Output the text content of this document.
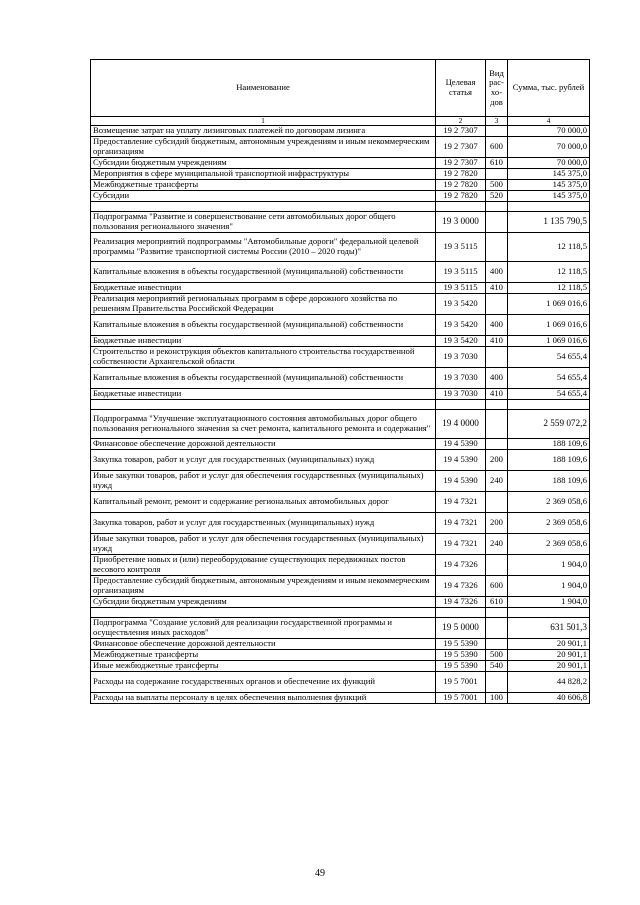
Наименование	Целевая статья	Вид рас-хо-дов	Сумма, тыс. рублей
1	2	3	4
Возмещение затрат на уплату лизинговых платежей по договорам лизинга	19 2 7307		70 000,0
Предоставление субсидий бюджетным, автономным учреждениям и иным некоммерческим организациям	19 2 7307	600	70 000,0
Субсидии бюджетным учреждениям	19 2 7307	610	70 000,0
Мероприятия в сфере муниципальной транспортной инфраструктуры	19 2 7820		145 375,0
Межбюджетные трансферты	19 2 7820	500	145 375,0
Субсидии	19 2 7820	520	145 375,0

Подпрограмма "Развитие и совершенствование сети автомобильных дорог общего пользования регионального значения"	19 3 0000		1 135 790,5
Реализация мероприятий подпрограммы "Автомобильные дороги" федеральной целевой программы "Развитие транспортной системы России (2010 – 2020 годы)"	19 3 5115		12 118,5
Капитальные вложения в объекты государственной (муниципальной) собственности	19 3 5115	400	12 118,5
Бюджетные инвестиции	19 3 5115	410	12 118,5
Реализация мероприятий региональных программ в сфере дорожного хозяйства по решениям Правительства Российской Федерации	19 3 5420		1 069 016,6
Капитальные вложения в объекты государственной (муниципальной) собственности	19 3 5420	400	1 069 016,6
Бюджетные инвестиции	19 3 5420	410	1 069 016,6
Строительство и реконструкция объектов капитального строительства государственной собственности Архангельской области	19 3 7030		54 655,4
Капитальные вложения в объекты государственной (муниципальной) собственности	19 3 7030	400	54 655,4
Бюджетные инвестиции	19 3 7030	410	54 655,4

Подпрограмма "Улучшение эксплуатационного состояния автомобильных дорог общего пользования регионального значения за счет ремонта, капитального ремонта и содержания"	19 4 0000		2 559 072,2
Финансовое обеспечение дорожной деятельности	19 4 5390		188 109,6
Закупка товаров, работ и услуг для государственных (муниципальных) нужд	19 4 5390	200	188 109,6
Иные закупки товаров, работ и услуг для обеспечения государственных (муниципальных) нужд	19 4 5390	240	188 109,6
Капитальный ремонт, ремонт и содержание региональных автомобильных дорог	19 4 7321		2 369 058,6
Закупка товаров, работ и услуг для государственных (муниципальных) нужд	19 4 7321	200	2 369 058,6
Иные закупки товаров, работ и услуг для обеспечения государственных (муниципальных) нужд	19 4 7321	240	2 369 058,6
Приобретение новых и (или) переоборудование существующих передвижных постов весового контроля	19 4 7326		1 904,0
Предоставление субсидий бюджетным, автономным учреждениям и иным некоммерческим организациям	19 4 7326	600	1 904,0
Субсидии бюджетным учреждениям	19 4 7326	610	1 904,0

Подпрограмма "Создание условий для реализации государственной программы и осуществления иных расходов"	19 5 0000		631 501,3
Финансовое обеспечение дорожной деятельности	19 5 5390		20 901,1
Межбюджетные трансферты	19 5 5390	500	20 901,1
Иные межбюджетные трансферты	19 5 5390	540	20 901,1
Расходы на содержание государственных органов и обеспечение их функций	19 5 7001		44 828,2
Расходы на выплаты персоналу в целях обеспечения выполнения функций	19 5 7001	100	40 606,8
49
